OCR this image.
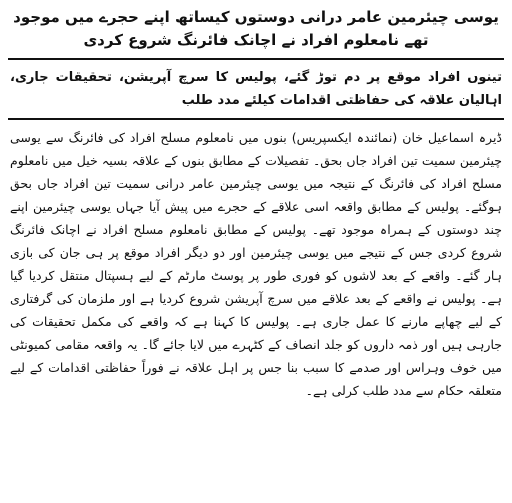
یوسی چیئرمین عامر درانی دوستوں کیساتھ اپنے حجرے میں موجود تھے نامعلوم افراد نے اچانک فائرنگ شروع کردی
تینوں افراد موقع پر دم توڑ گئے، پولیس کا سرچ آپریشن، تحقیقات جاری، اہالیان علاقہ کی حفاظتی اقدامات کیلئے مدد طلب

ڈیرہ اسماعیل خان (نمائندہ ایکسپریس) بنوں میں نامعلوم مسلح افراد کی فائرنگ سے یوسی چیئرمین سمیت تین افراد جاں بحق۔ تفصیلات کے مطابق بنوں کے علاقہ بسیہ خیل میں نامعلوم مسلح افراد کی فائرنگ کے نتیجہ میں یوسی چیئرمین عامر درانی سمیت تین افراد جاں بحق ہوگئے۔ پولیس کے مطابق واقعہ اسی علاقے کے حجرے میں پیش آیا جہاں یوسی چیئرمین اپنے چند دوستوں کے ہمراہ موجود تھے۔ پولیس کے مطابق نامعلوم مسلح افراد نے اچانک فائرنگ شروع کردی جس کے نتیجے میں یوسی چیئرمین اور دو دیگر افراد موقع پر ہی جان کی بازی ہار گئے۔ واقعے کے بعد لاشوں کو فوری طور پر پوسٹ مارٹم کے لیے ہسپتال منتقل کردیا گیا ہے۔ پولیس نے واقعے کے بعد علاقے میں سرچ آپریشن شروع کردیا ہے اور ملزمان کی گرفتاری کے لیے چھاپے مارنے کا عمل جاری ہے۔ پولیس کا کہنا ہے کہ واقعے کی مکمل تحقیقات کی جارہی ہیں اور ذمہ داروں کو جلد انصاف کے کٹہرے میں لایا جائے گا۔ یہ واقعہ مقامی کمیونٹی میں خوف وہراس اور صدمے کا سبب بنا جس پر اہل علاقہ نے فوراً حفاظتی اقدامات کے لیے متعلقہ حکام سے مدد طلب کرلی ہے۔
